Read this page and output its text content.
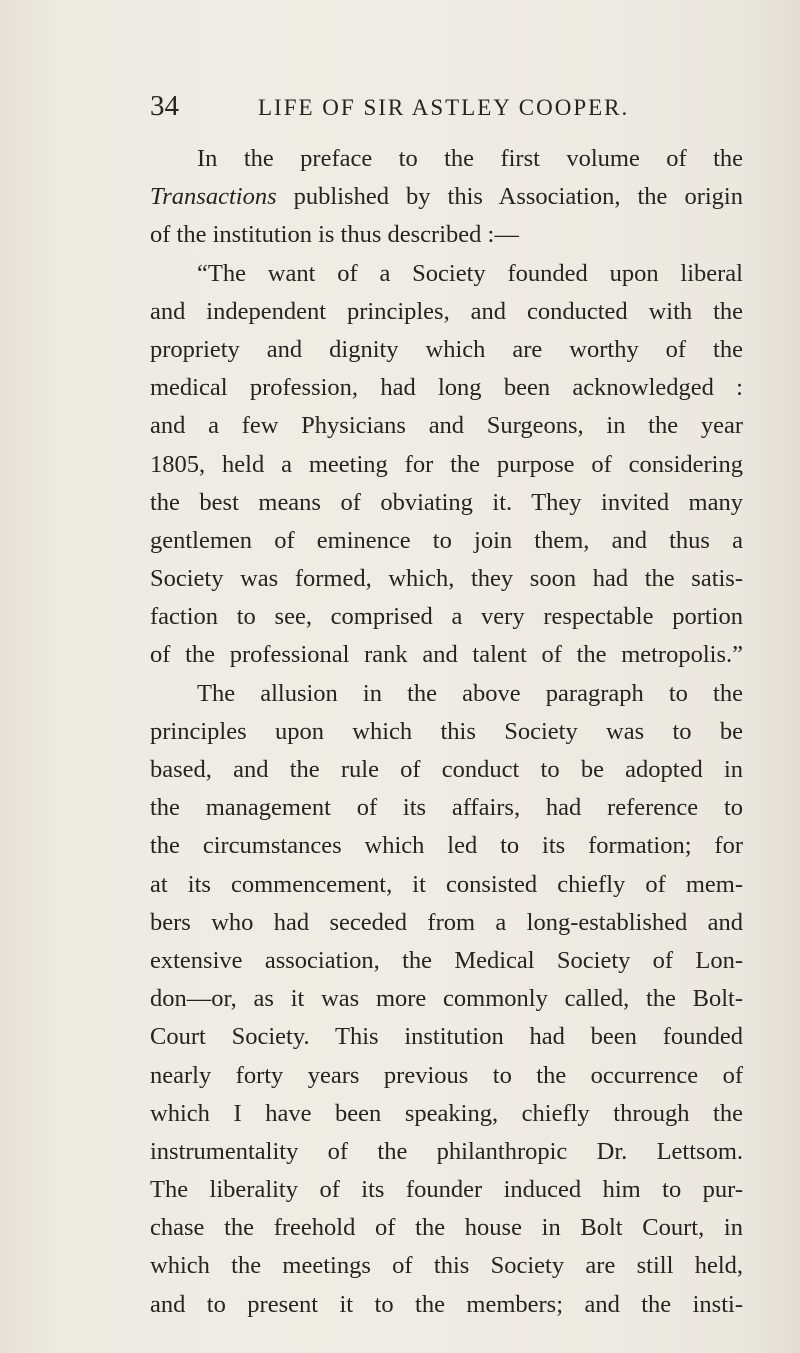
34	LIFE OF SIR ASTLEY COOPER.
In the preface to the first volume of the
Transactions published by this Association, the origin
of the institution is thus described :—
“The want of a Society founded upon liberal
and independent principles, and conducted with the
propriety and dignity which are worthy of the
medical profession, had long been acknowledged :
and a few Physicians and Surgeons, in the year
1805, held a meeting for the purpose of considering
the best means of obviating it. They invited many
gentlemen of eminence to join them, and thus a
Society was formed, which, they soon had the satis-
faction to see, comprised a very respectable portion
of the professional rank and talent of the metropolis.”
The allusion in the above paragraph to the
principles upon which this Society was to be
based, and the rule of conduct to be adopted in
the management of its affairs, had reference to
the circumstances which led to its formation; for
at its commencement, it consisted chiefly of mem-
bers who had seceded from a long-established and
extensive association, the Medical Society of Lon-
don—or, as it was more commonly called, the Bolt-
Court Society. This institution had been founded
nearly forty years previous to the occurrence of
which I have been speaking, chiefly through the
instrumentality of the philanthropic Dr. Lettsom.
The liberality of its founder induced him to pur-
chase the freehold of the house in Bolt Court, in
which the meetings of this Society are still held,
and to present it to the members; and the insti-
